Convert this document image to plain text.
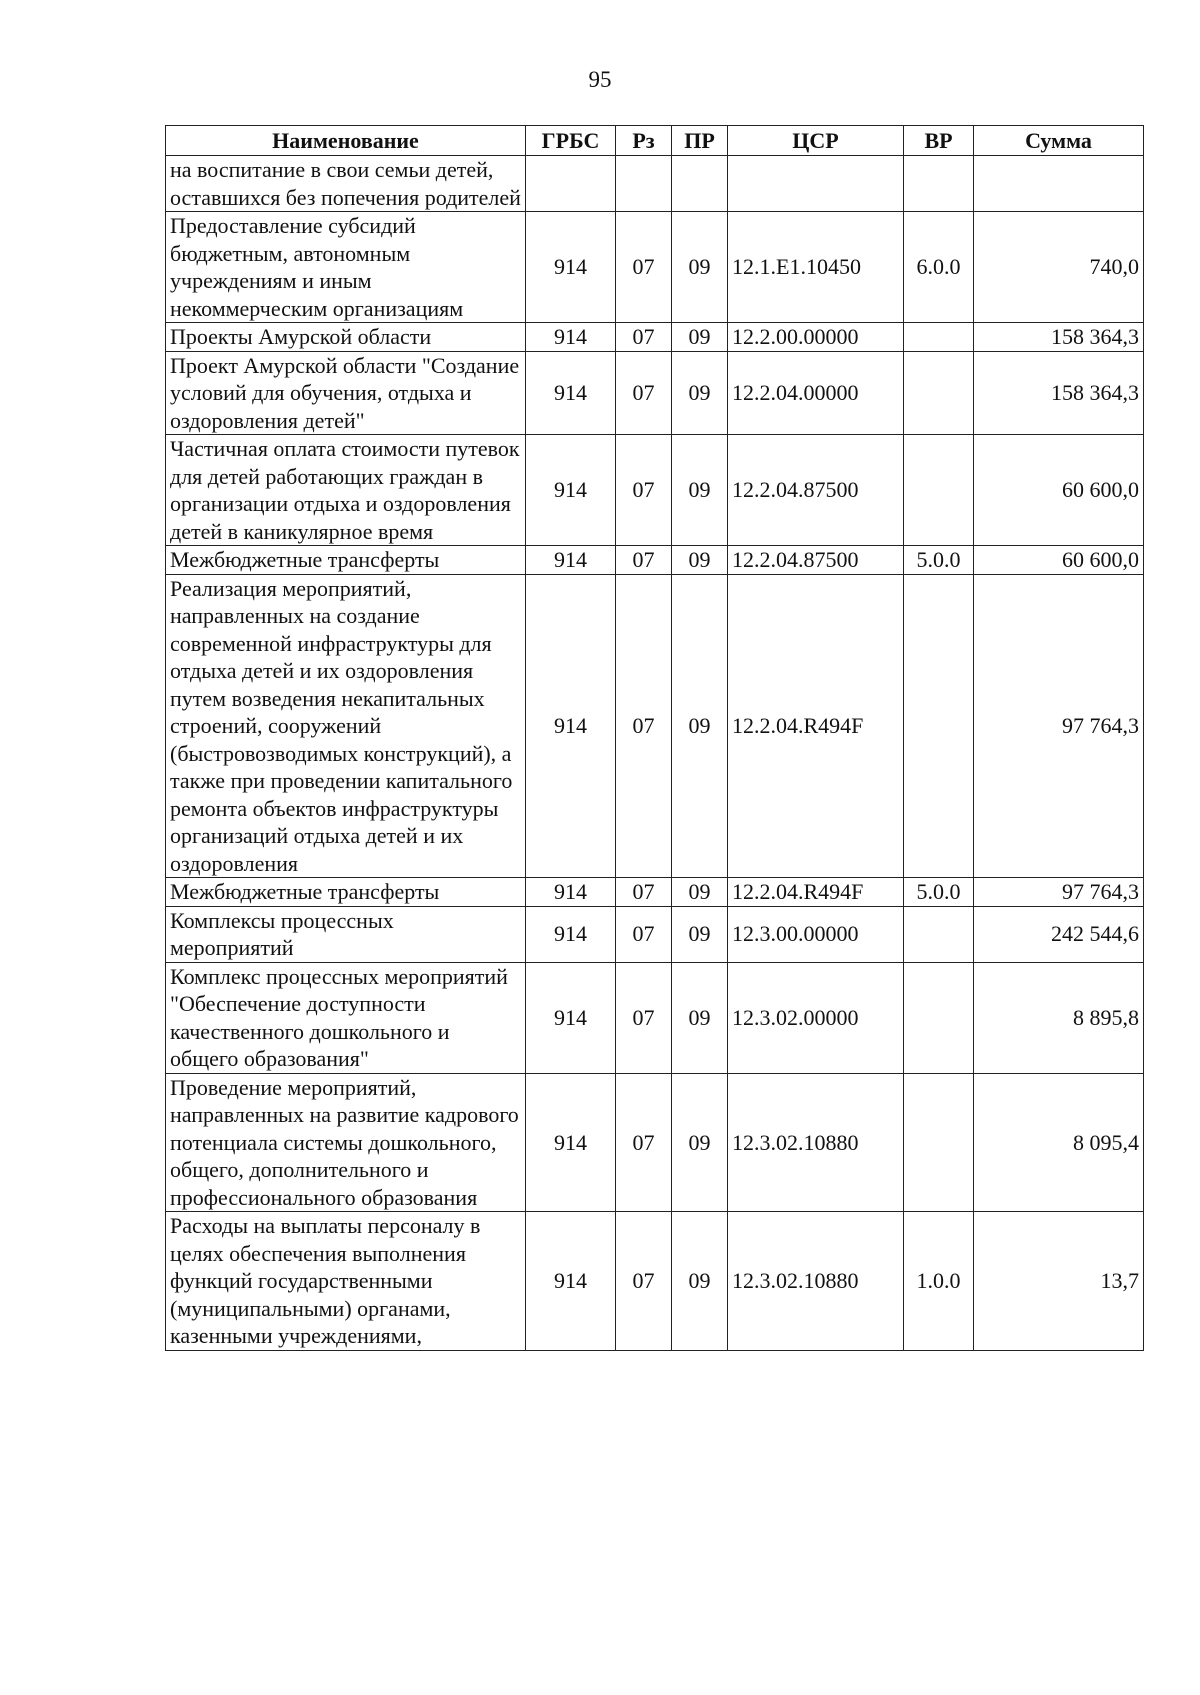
95
Наименование	ГРБС	Рз	ПР	ЦСР	ВР	Сумма
на воспитание в свои семьи детей, оставшихся без попечения родителей						
Предоставление субсидий бюджетным, автономным учреждениям и иным некоммерческим организациям	914	07	09	12.1.E1.10450	6.0.0	740,0
Проекты Амурской области	914	07	09	12.2.00.00000		158 364,3
Проект Амурской области "Создание условий для обучения, отдыха и оздоровления детей"	914	07	09	12.2.04.00000		158 364,3
Частичная оплата стоимости путевок для детей работающих граждан в организации отдыха и оздоровления детей в каникулярное время	914	07	09	12.2.04.87500		60 600,0
Межбюджетные трансферты	914	07	09	12.2.04.87500	5.0.0	60 600,0
Реализация мероприятий, направленных на создание современной инфраструктуры для отдыха детей и их оздоровления путем возведения некапитальных строений, сооружений (быстровозводимых конструкций), а также при проведении капитального ремонта объектов инфраструктуры организаций отдыха детей и их оздоровления	914	07	09	12.2.04.R494F		97 764,3
Межбюджетные трансферты	914	07	09	12.2.04.R494F	5.0.0	97 764,3
Комплексы процессных мероприятий	914	07	09	12.3.00.00000		242 544,6
Комплекс процессных мероприятий "Обеспечение доступности качественного дошкольного и общего образования"	914	07	09	12.3.02.00000		8 895,8
Проведение мероприятий, направленных на развитие кадрового потенциала системы дошкольного, общего, дополнительного и профессионального образования	914	07	09	12.3.02.10880		8 095,4
Расходы на выплаты персоналу в целях обеспечения выполнения функций государственными (муниципальными) органами, казенными учреждениями,	914	07	09	12.3.02.10880	1.0.0	13,7
